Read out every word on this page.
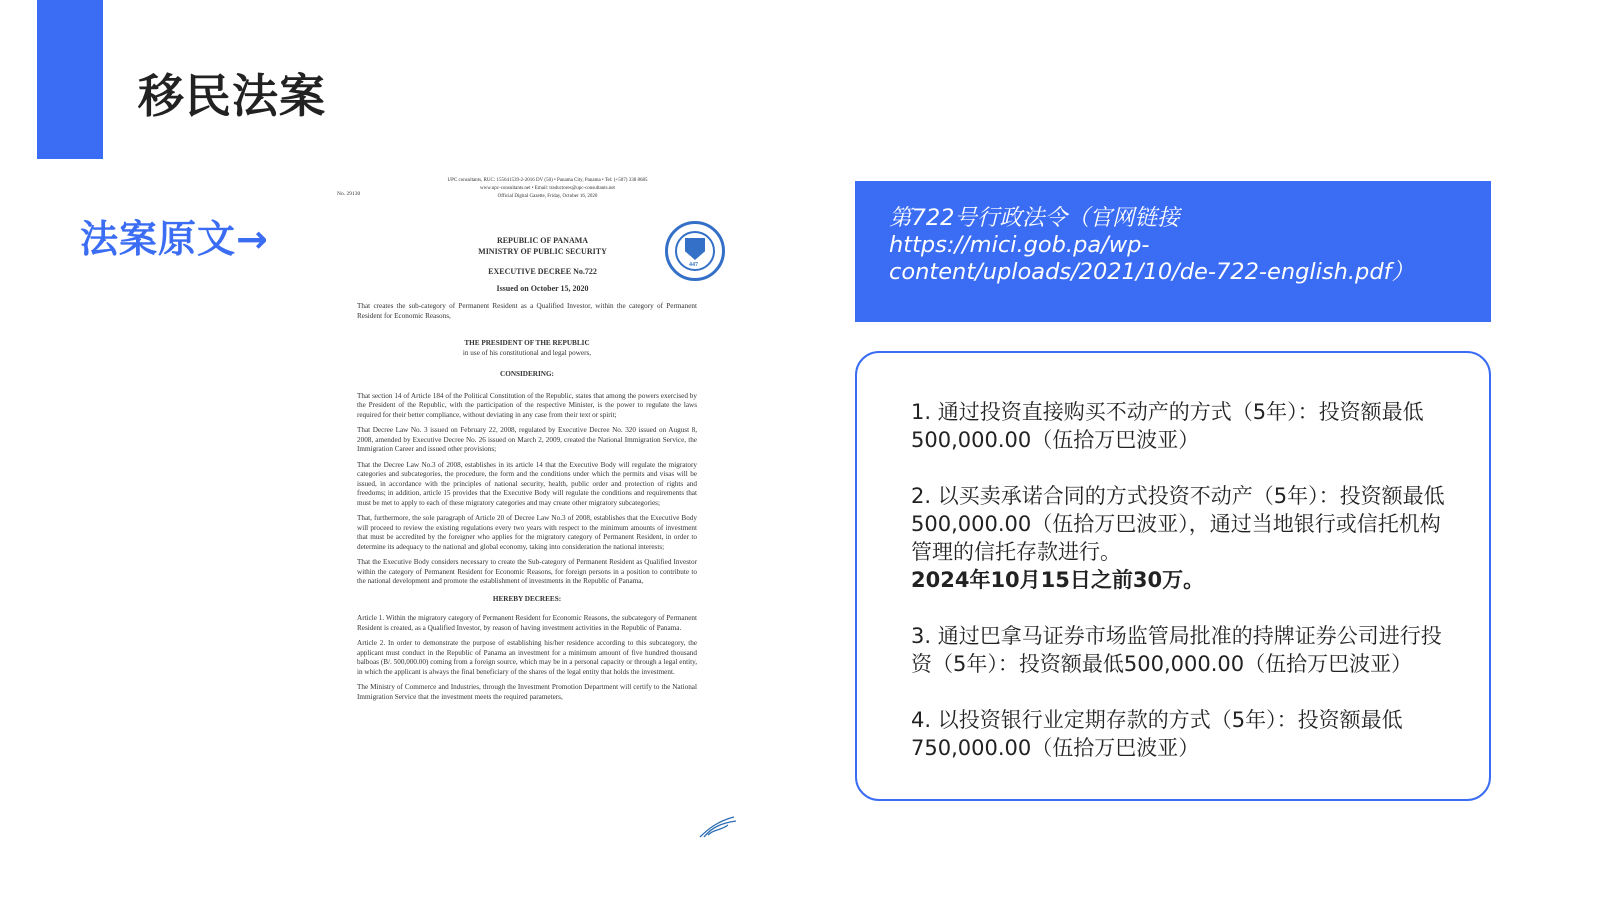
移民法案
法案原文→
UPC consultants, RUC: 155641539-2-2016 DV (50) • Panama City, Panama • Tel: (+507) 338 8685
www.upc-consultants.net • Email: traductores@upc-consultants.net
Official Digital Gazette, Friday, October 16, 2020
No. 29130
447
REPUBLIC OF PANAMA
MINISTRY OF PUBLIC SECURITY
EXECUTIVE DECREE No.722
Issued on October 15, 2020

That creates the sub-category of Permanent Resident as a Qualified Investor, within the category of Permanent Resident for Economic Reasons,

THE PRESIDENT OF THE REPUBLIC

in use of his constitutional and legal powers,

CONSIDERING:

That section 14 of Article 184 of the Political Constitution of the Republic, states that among the powers exercised by the President of the Republic, with the participation of the respective Minister, is the power to regulate the laws required for their better compliance, without deviating in any case from their text or spirit;

That Decree Law No. 3 issued on February 22, 2008, regulated by Executive Decree No. 320 issued on August 8, 2008, amended by Executive Decree No. 26 issued on March 2, 2009, created the National Immigration Service, the Immigration Career and issued other provisions;

That the Decree Law No.3 of 2008, establishes in its article 14 that the Executive Body will regulate the migratory categories and subcategories, the procedure, the form and the conditions under which the permits and visas will be issued, in accordance with the principles of national security, health, public order and protection of rights and freedoms; in addition, article 15 provides that the Executive Body will regulate the conditions and requirements that must be met to apply to each of these migratory categories and may create other migratory subcategories;

That, furthermore, the sole paragraph of Article 20 of Decree Law No.3 of 2008, establishes that the Executive Body will proceed to review the existing regulations every two years with respect to the minimum amounts of investment that must be accredited by the foreigner who applies for the migratory category of Permanent Resident, in order to determine its adequacy to the national and global economy, taking into consideration the national interests;

That the Executive Body considers necessary to create the Sub-category of Permanent Resident as Qualified Investor within the category of Permanent Resident for Economic Reasons, for foreign persons in a position to contribute to the national development and promote the establishment of investments in the Republic of Panama,

HEREBY DECREES:

Article 1. Within the migratory category of Permanent Resident for Economic Reasons, the subcategory of Permanent Resident is created, as a Qualified Investor, by reason of having investment activities in the Republic of Panama.

Article 2. In order to demonstrate the purpose of establishing his/her residence according to this subcategory, the applicant must conduct in the Republic of Panama an investment for a minimum amount of five hundred thousand balboas (B/. 500,000.00) coming from a foreign source, which may be in a personal capacity or through a legal entity, in which the applicant is always the final beneficiary of the shares of the legal entity that holds the investment.

The Ministry of Commerce and Industries, through the Investment Promotion Department will certify to the National Immigration Service that the investment meets the required parameters,

第722号行政法令（官网链接
https://mici.gob.pa/wp-
content/uploads/2021/10/de-722-english.pdf）

1. 通过投资直接购买不动产的方式（5年）：投资额最低500,000.00（伍拾万巴波亚）

2. 以买卖承诺合同的方式投资不动产（5年）：投资额最低500,000.00（伍拾万巴波亚），通过当地银行或信托机构管理的信托存款进行。
2024年10月15日之前30万。

3. 通过巴拿马证券市场监管局批准的持牌证券公司进行投资（5年）：投资额最低500,000.00（伍拾万巴波亚）

4. 以投资银行业定期存款的方式（5年）：投资额最低750,000.00（伍拾万巴波亚）
